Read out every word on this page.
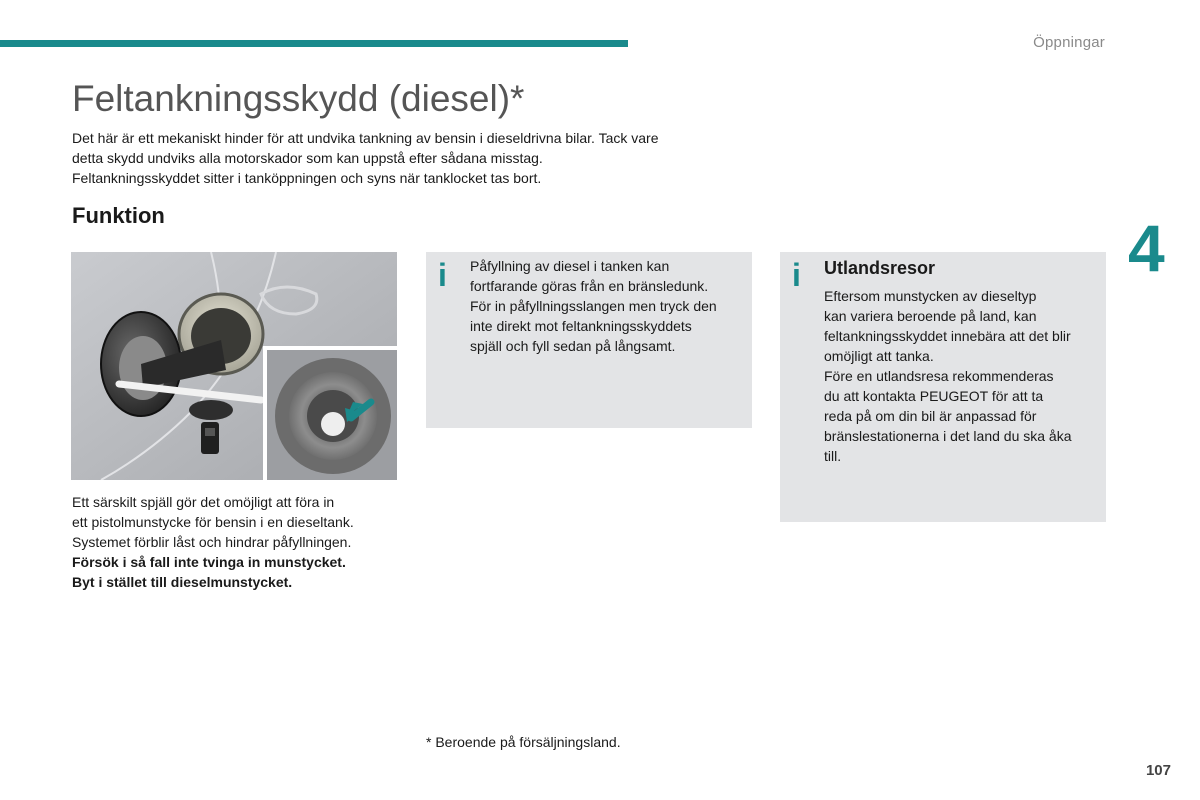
Öppningar
4
Feltankningsskydd (diesel)*

Det här är ett mekaniskt hinder för att undvika tankning av bensin i dieseldrivna bilar. Tack vare

detta skydd undviks alla motorskador som kan uppstå efter sådana misstag.

Feltankningsskyddet sitter i tanköppningen och syns när tanklocket tas bort.

Funktion

Ett särskilt spjäll gör det omöjligt att föra in

ett pistolmunstycke för bensin i en dieseltank.

Systemet förblir låst och hindrar påfyllningen.

Försök i så fall inte tvinga in munstycket.

Byt i stället till dieselmunstycket.

i Påfyllning av diesel i tanken kan

fortfarande göras från en bränsledunk.

För in påfyllningsslangen men tryck den

inte direkt mot feltankningsskyddets

spjäll och fyll sedan på långsamt.

i Utlandsresor

Eftersom munstycken av dieseltyp

kan variera beroende på land, kan

feltankningsskyddet innebära att det blir

omöjligt att tanka.

Före en utlandsresa rekommenderas

du att kontakta PEUGEOT för att ta

reda på om din bil är anpassad för

bränslestationerna i det land du ska åka

till.

* Beroende på försäljningsland.
107
